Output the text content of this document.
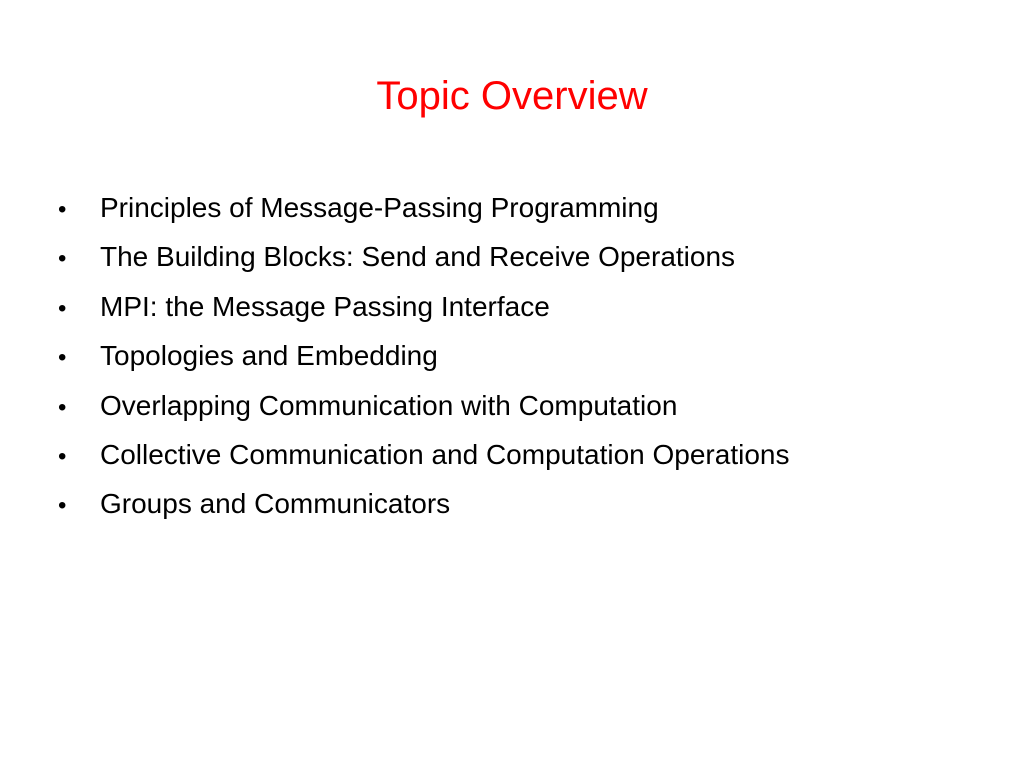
Topic Overview
•	Principles of Message-Passing Programming
•	The Building Blocks: Send and Receive Operations
•	MPI: the Message Passing Interface
•	Topologies and Embedding
•	Overlapping Communication with Computation
•	Collective Communication and Computation Operations
•	Groups and Communicators
